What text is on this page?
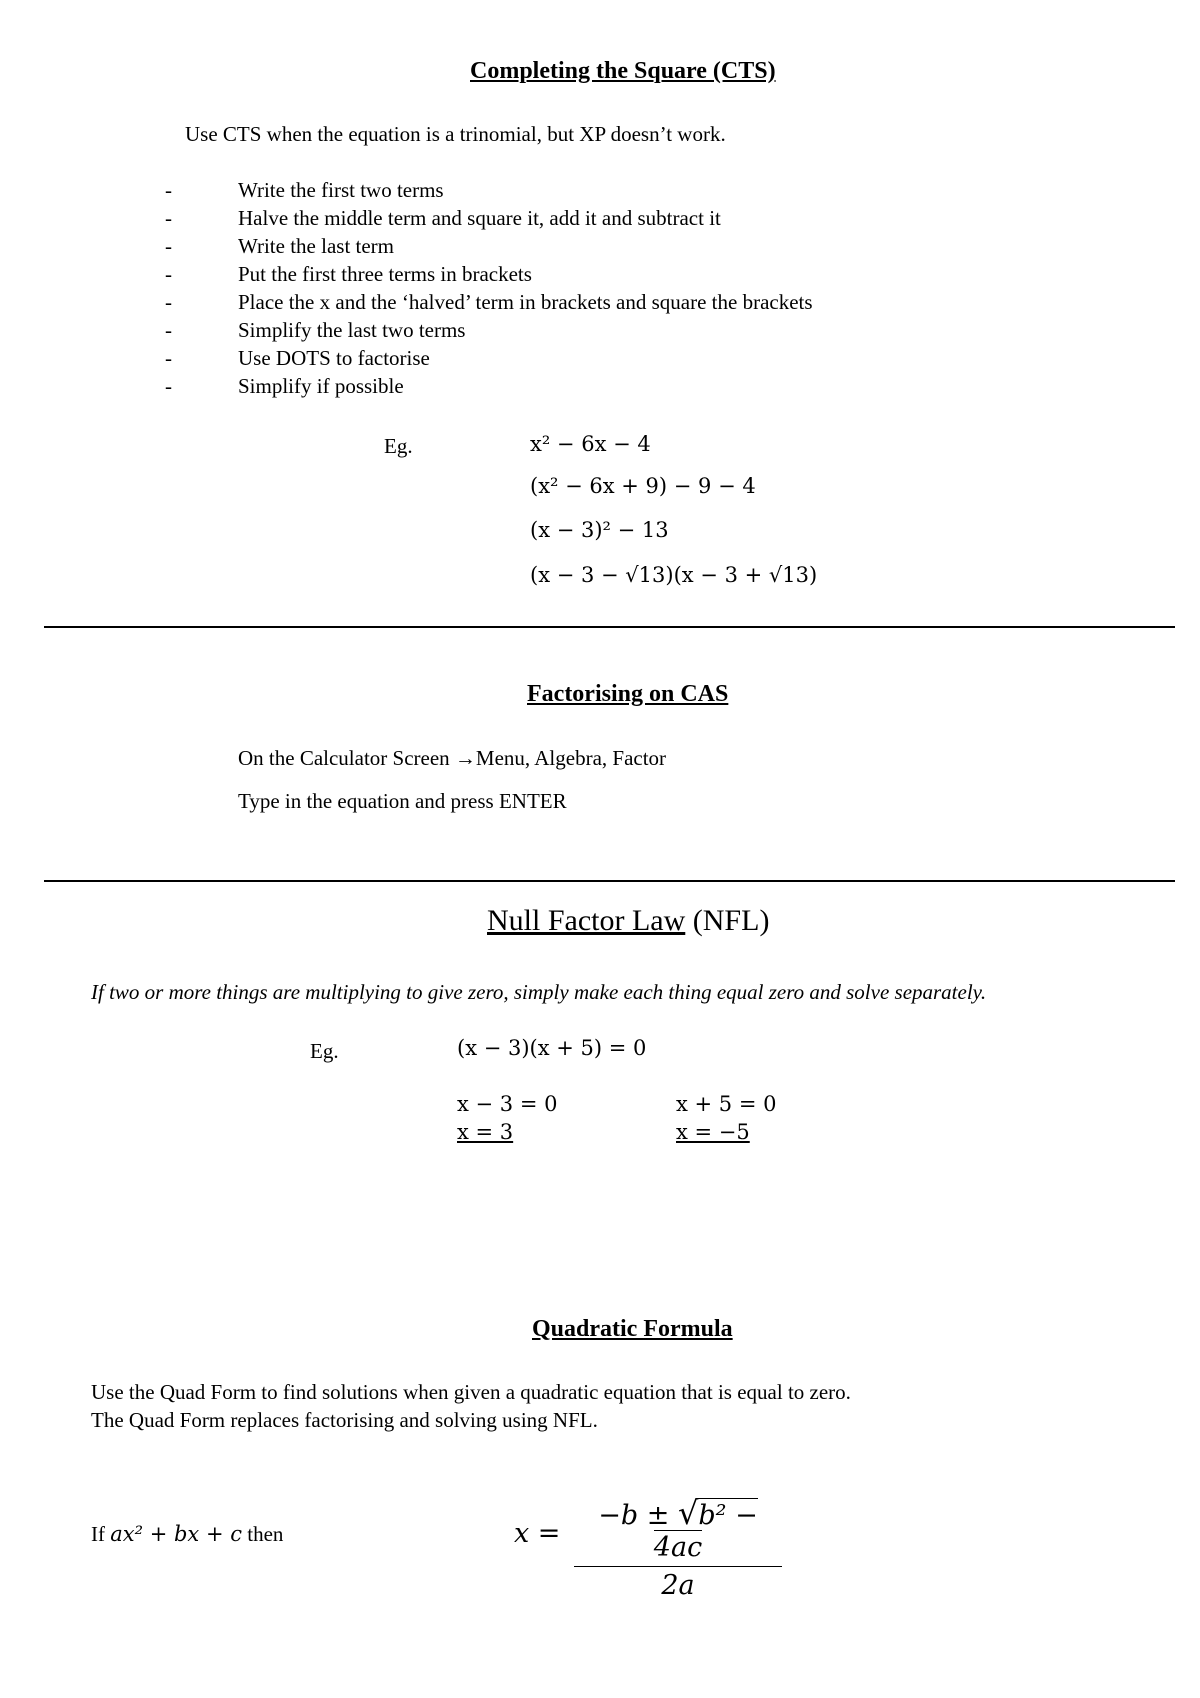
Completing the Square (CTS)
Use CTS when the equation is a trinomial, but XP doesn’t work.
-	Write the first two terms
-	Halve the middle term and square it, add it and subtract it
-	Write the last term
-	Put the first three terms in brackets
-	Place the x and the ‘halved’ term in brackets and square the brackets
-	Simplify the last two terms
-	Use DOTS to factorise
-	Simplify if possible
Eg.	x² − 6x − 4
(x² − 6x + 9) − 9 − 4
(x − 3)² − 13
(x − 3 − √13)(x − 3 + √13)
Factorising on CAS
On the Calculator Screen →Menu, Algebra, Factor
Type in the equation and press ENTER
Null Factor Law (NFL)
If two or more things are multiplying to give zero, simply make each thing equal zero and solve separately.
Eg.	(x − 3)(x + 5) = 0
x − 3 = 0
x = 3
x + 5 = 0
x = −5
Quadratic Formula
Use the Quad Form to find solutions when given a quadratic equation that is equal to zero.
The Quad Form replaces factorising and solving using NFL.
If ax² + bx + c then	x =
−b ± √b² − 4ac
2a
